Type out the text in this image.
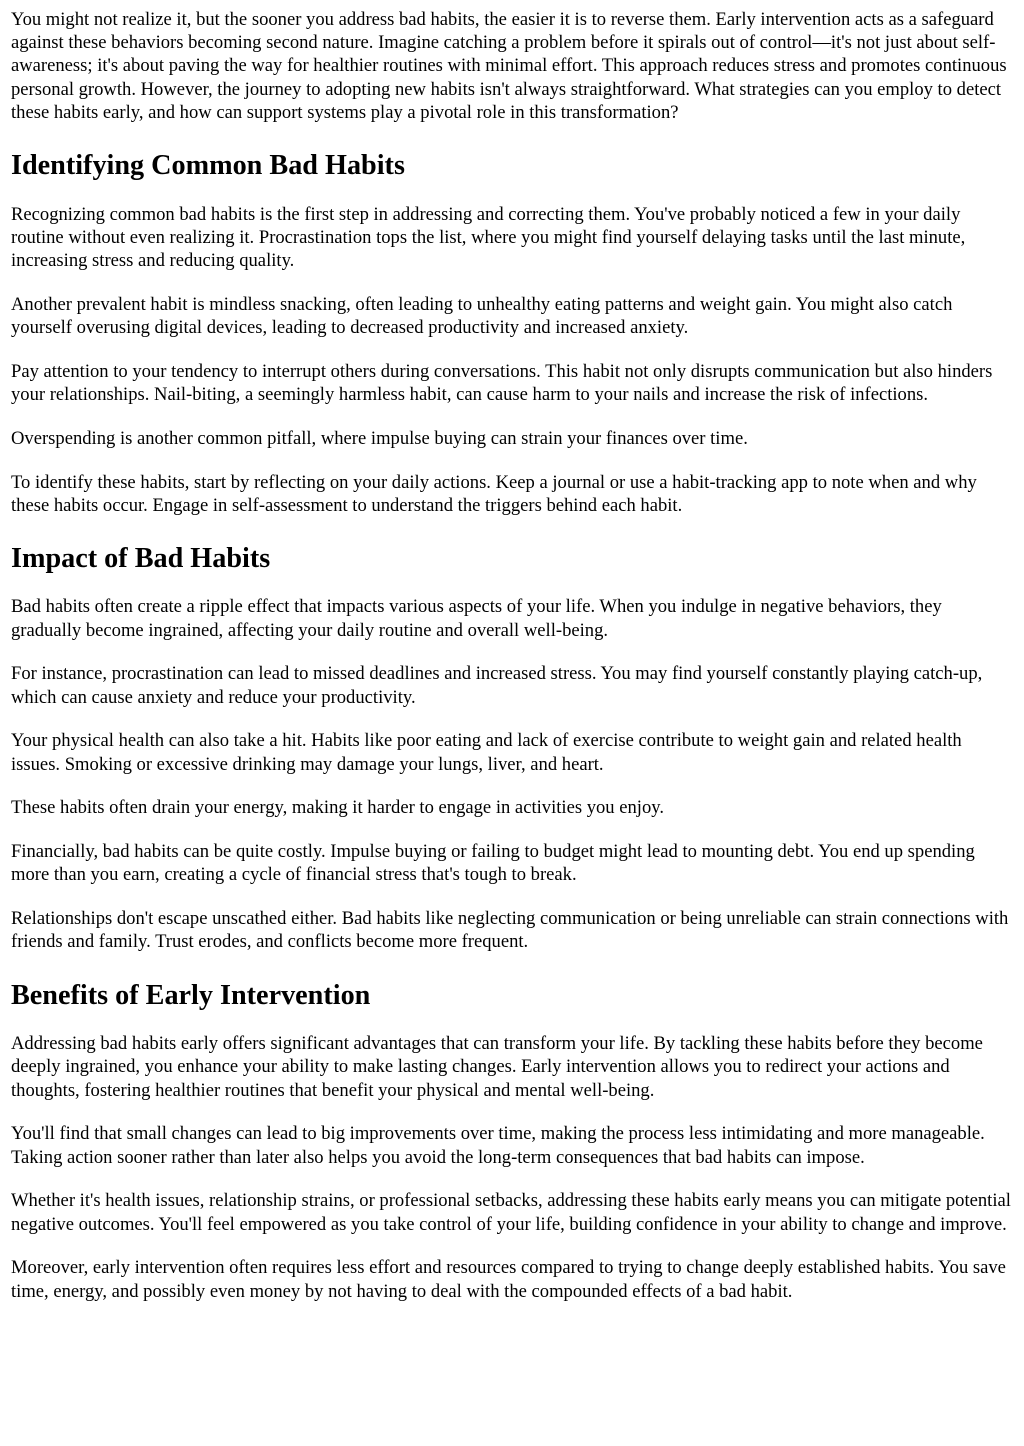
You might not realize it, but the sooner you address bad habits, the easier it is to reverse them. Early intervention acts as a safeguard against these behaviors becoming second nature. Imagine catching a problem before it spirals out of control—it's not just about self-awareness; it's about paving the way for healthier routines with minimal effort. This approach reduces stress and promotes continuous personal growth. However, the journey to adopting new habits isn't always straightforward. What strategies can you employ to detect these habits early, and how can support systems play a pivotal role in this transformation?

Identifying Common Bad Habits

Recognizing common bad habits is the first step in addressing and correcting them. You've probably noticed a few in your daily routine without even realizing it. Procrastination tops the list, where you might find yourself delaying tasks until the last minute, increasing stress and reducing quality.

Another prevalent habit is mindless snacking, often leading to unhealthy eating patterns and weight gain. You might also catch yourself overusing digital devices, leading to decreased productivity and increased anxiety.

Pay attention to your tendency to interrupt others during conversations. This habit not only disrupts communication but also hinders your relationships. Nail-biting, a seemingly harmless habit, can cause harm to your nails and increase the risk of infections.

Overspending is another common pitfall, where impulse buying can strain your finances over time.

To identify these habits, start by reflecting on your daily actions. Keep a journal or use a habit-tracking app to note when and why these habits occur. Engage in self-assessment to understand the triggers behind each habit.

Impact of Bad Habits

Bad habits often create a ripple effect that impacts various aspects of your life. When you indulge in negative behaviors, they gradually become ingrained, affecting your daily routine and overall well-being.

For instance, procrastination can lead to missed deadlines and increased stress. You may find yourself constantly playing catch-up, which can cause anxiety and reduce your productivity.

Your physical health can also take a hit. Habits like poor eating and lack of exercise contribute to weight gain and related health issues. Smoking or excessive drinking may damage your lungs, liver, and heart.

These habits often drain your energy, making it harder to engage in activities you enjoy.

Financially, bad habits can be quite costly. Impulse buying or failing to budget might lead to mounting debt. You end up spending more than you earn, creating a cycle of financial stress that's tough to break.

Relationships don't escape unscathed either. Bad habits like neglecting communication or being unreliable can strain connections with friends and family. Trust erodes, and conflicts become more frequent.

Benefits of Early Intervention

Addressing bad habits early offers significant advantages that can transform your life. By tackling these habits before they become deeply ingrained, you enhance your ability to make lasting changes. Early intervention allows you to redirect your actions and thoughts, fostering healthier routines that benefit your physical and mental well-being.

You'll find that small changes can lead to big improvements over time, making the process less intimidating and more manageable. Taking action sooner rather than later also helps you avoid the long-term consequences that bad habits can impose.

Whether it's health issues, relationship strains, or professional setbacks, addressing these habits early means you can mitigate potential negative outcomes. You'll feel empowered as you take control of your life, building confidence in your ability to change and improve.

Moreover, early intervention often requires less effort and resources compared to trying to change deeply established habits. You save time, energy, and possibly even money by not having to deal with the compounded effects of a bad habit.
